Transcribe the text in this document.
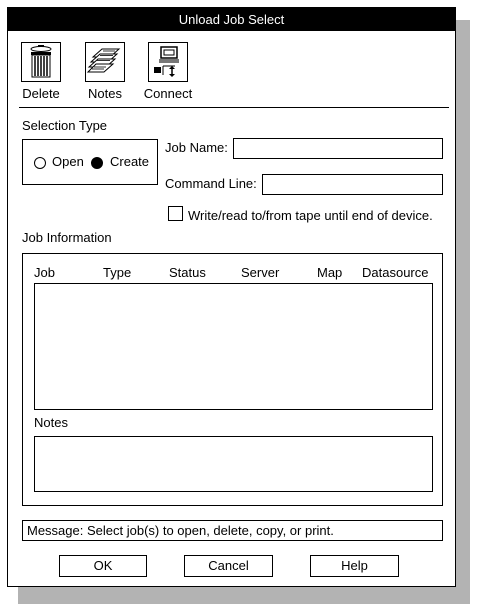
Unload Job Select
Delete	Notes	Connect
Selection Type
Open Create
Job Name:
Command Line:
Write/read to/from tape until end of device.
Job Information
Job	Type	Status	Server	Map Datasource
Notes
Message: Select job(s) to open, delete, copy, or print.
OK	Cancel	Help
